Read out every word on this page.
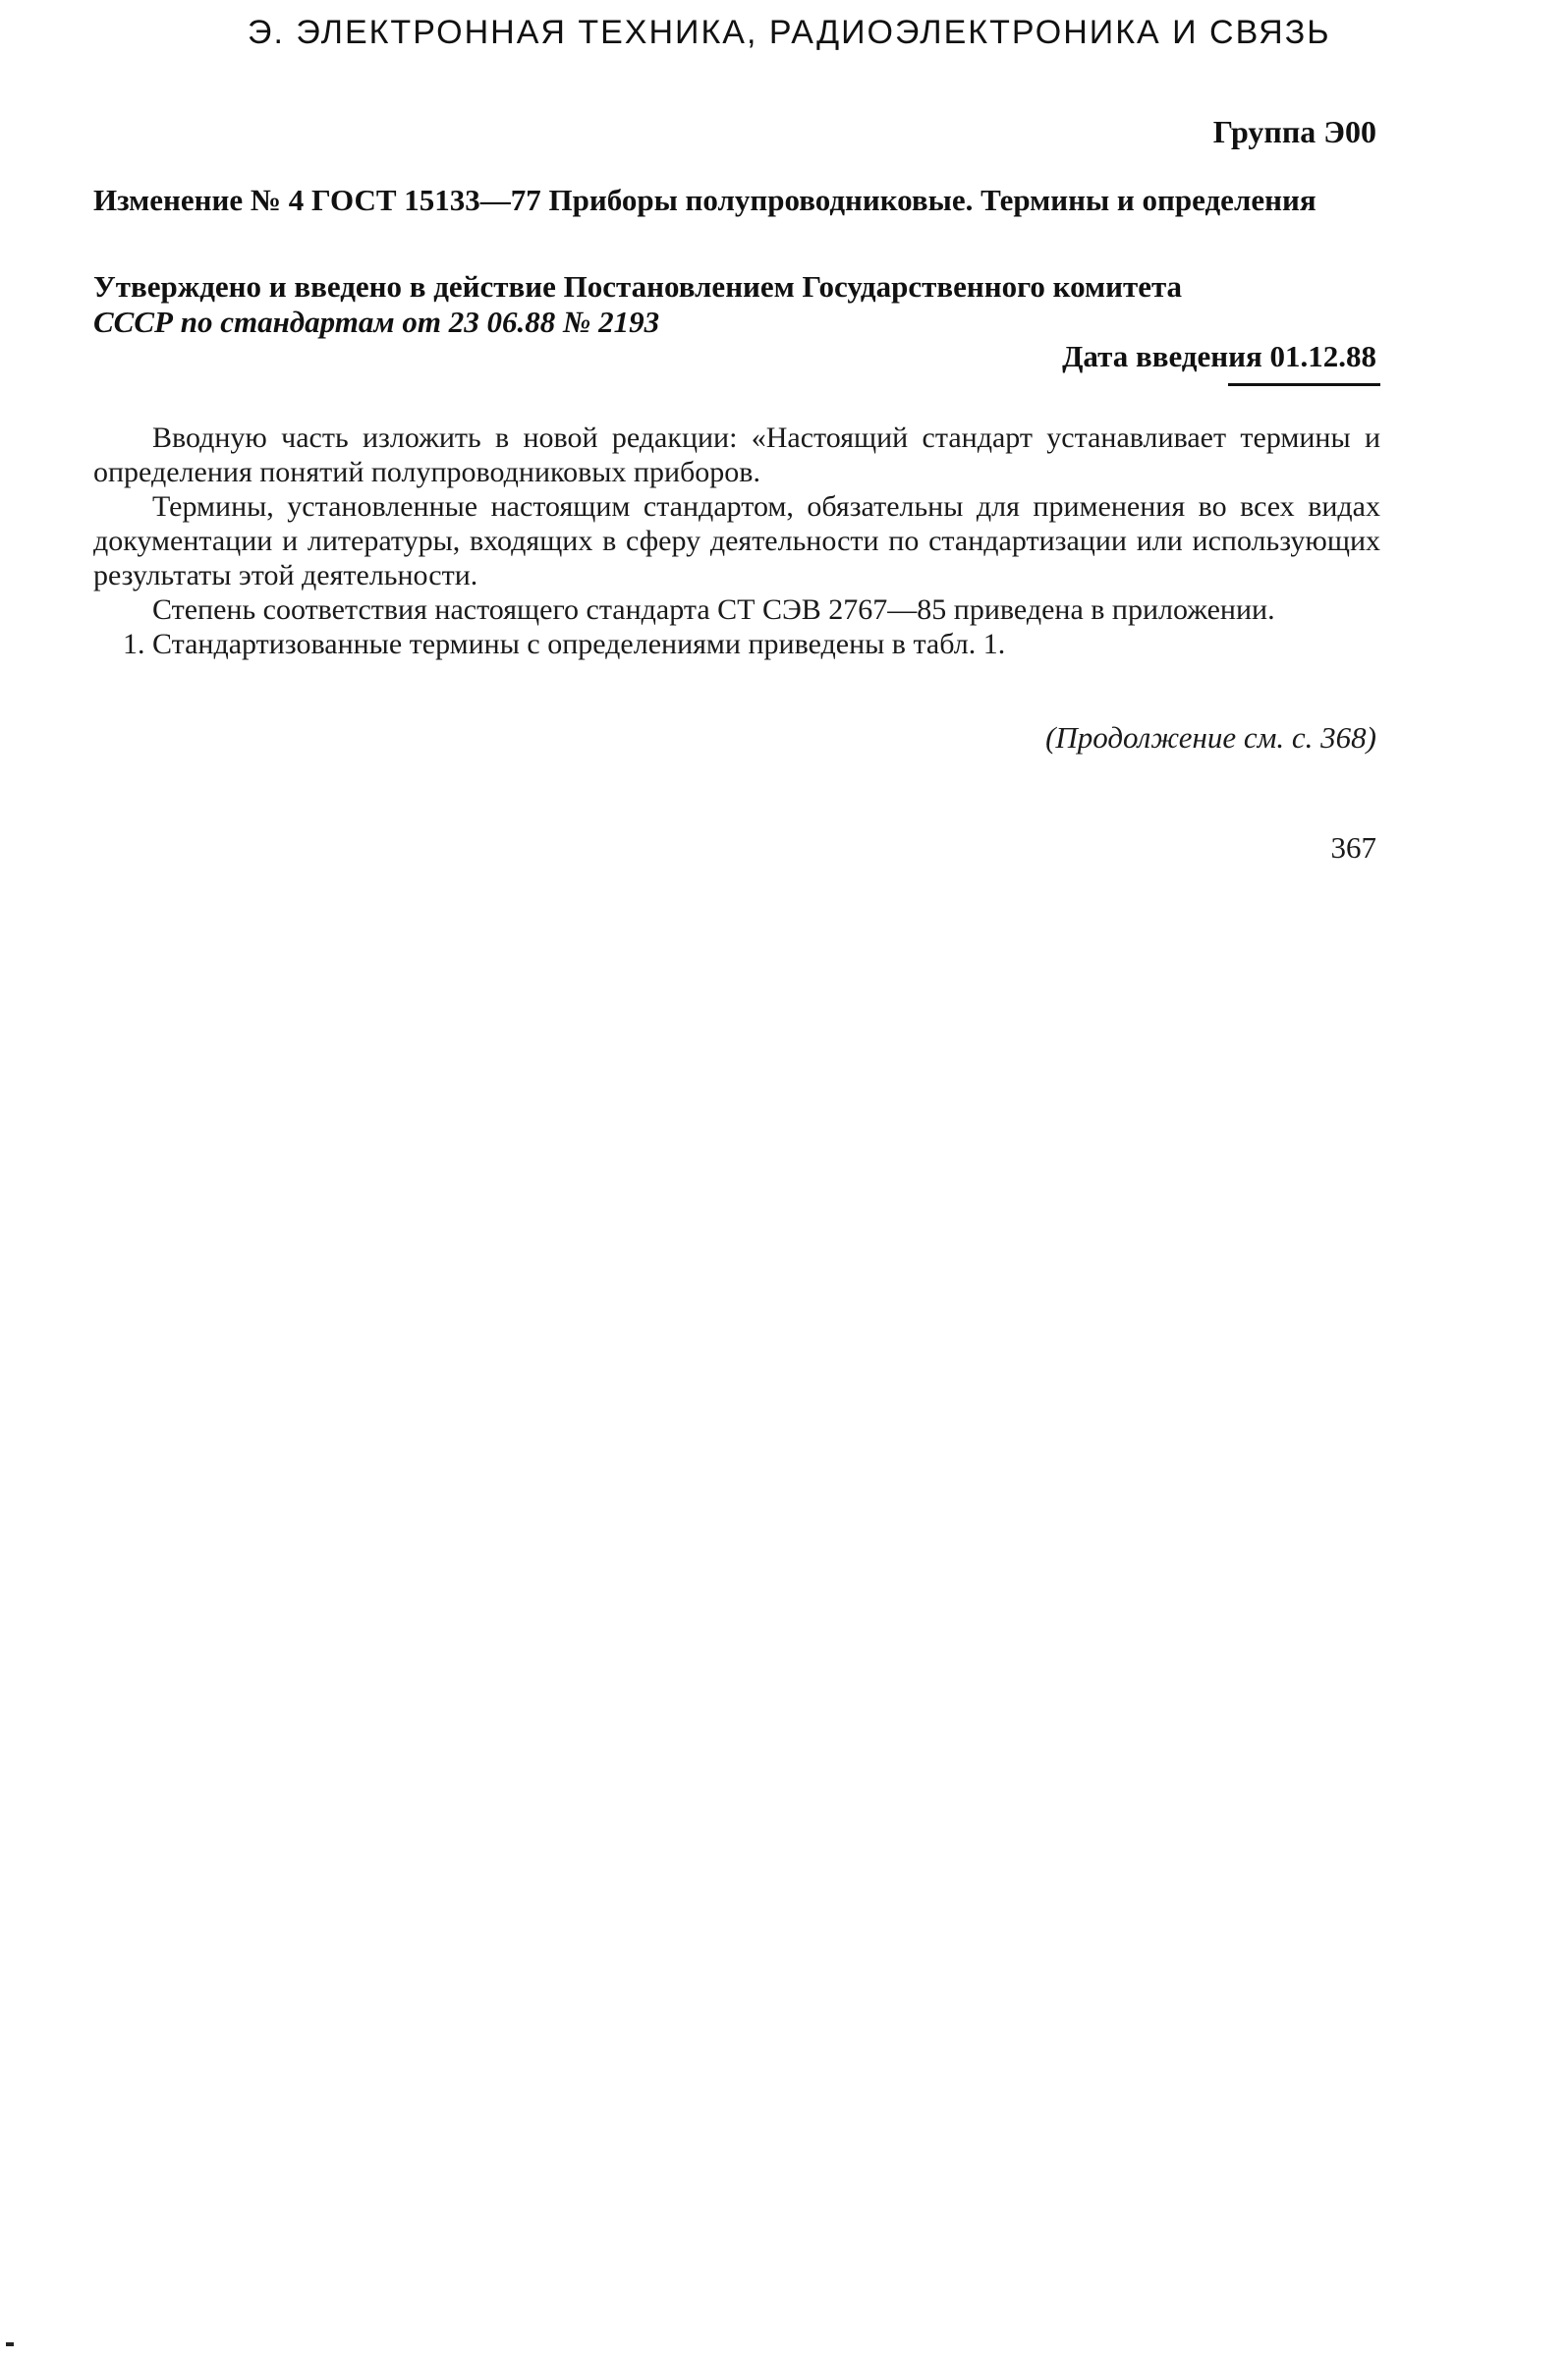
Э. ЭЛЕКТРОННАЯ ТЕХНИКА, РАДИОЭЛЕКТРОНИКА И СВЯЗЬ
Группа Э00
Изменение № 4 ГОСТ 15133—77 Приборы полупроводниковые. Термины и определения
Утверждено и введено в действие Постановлением Государственного комитета
СССР по стандартам от 23 06.88 № 2193
Дата введения 01.12.88

Вводную часть изложить в новой редакции: «Настоящий стандарт устанавливает термины и определения понятий полупроводниковых приборов.

Термины, установленные настоящим стандартом, обязательны для применения во всех видах документации и литературы, входящих в сферу деятельности по стандартизации или использующих результаты этой деятельности.

Степень соответствия настоящего стандарта СТ СЭВ 2767—85 приведена в приложении.

1. Стандартизованные термины с определениями приведены в табл. 1.

(Продолжение см. с. 368)
367
